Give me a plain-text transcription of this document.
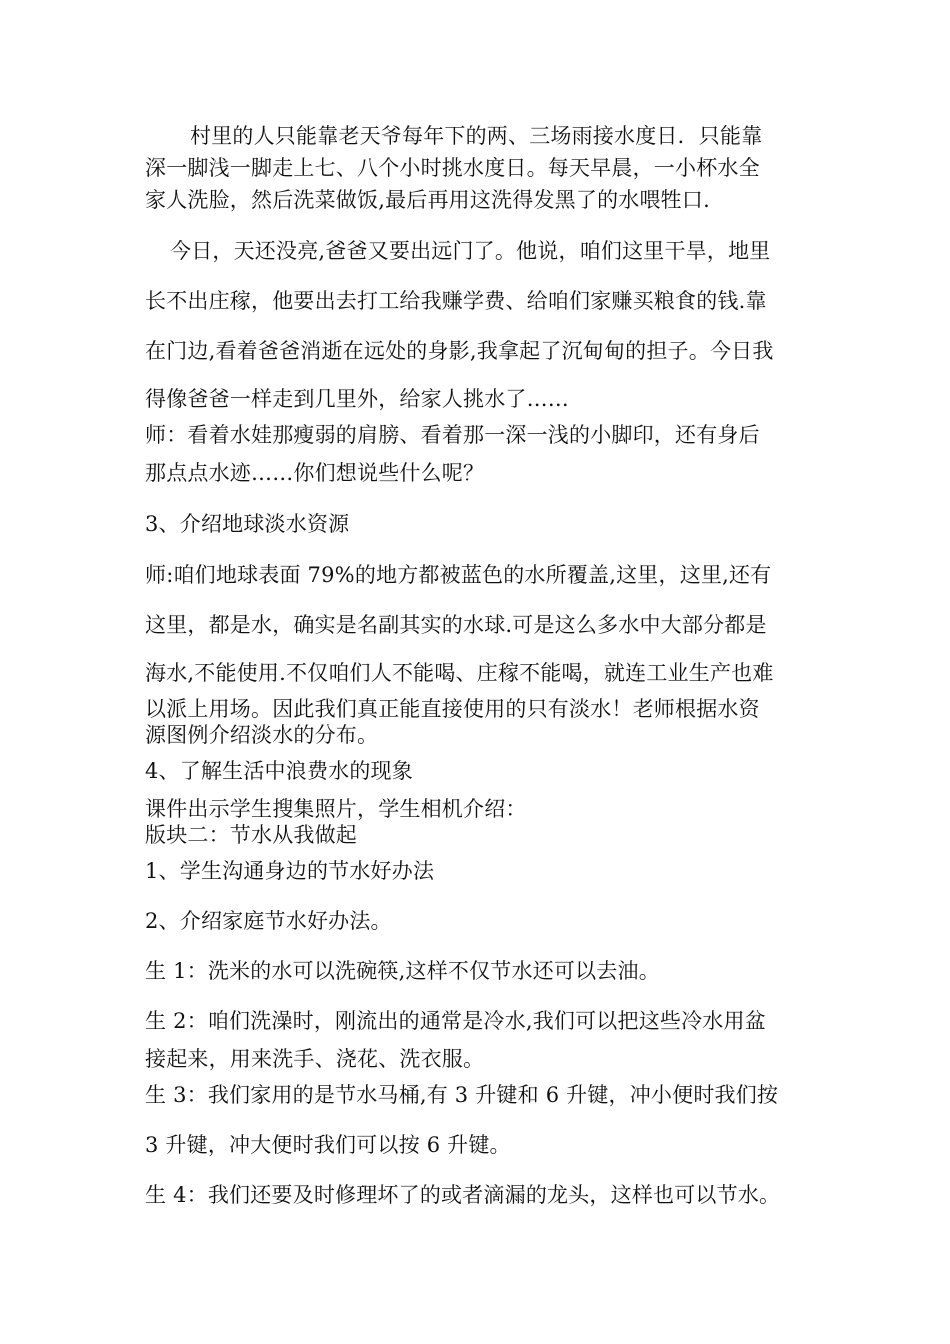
村里的人只能靠老天爷每年下的两、三场雨接水度日．只能靠
深一脚浅一脚走上七、八个小时挑水度日。每天早晨，一小杯水全
家人洗脸，然后洗菜做饭,最后再用这洗得发黑了的水喂牲口.
今日，天还没亮,爸爸又要出远门了。他说，咱们这里干旱，地里
长不出庄稼，他要出去打工给我赚学费、给咱们家赚买粮食的钱.靠
在门边,看着爸爸消逝在远处的身影,我拿起了沉甸甸的担子。今日我
得像爸爸一样走到几里外，给家人挑水了……
师：看着水娃那瘦弱的肩膀、看着那一深一浅的小脚印，还有身后
那点点水迹……你们想说些什么呢？
3、介绍地球淡水资源
师:咱们地球表面 79%的地方都被蓝色的水所覆盖,这里，这里,还有
这里，都是水，确实是名副其实的水球.可是这么多水中大部分都是
海水,不能使用.不仅咱们人不能喝、庄稼不能喝，就连工业生产也难
以派上用场。因此我们真正能直接使用的只有淡水！老师根据水资
源图例介绍淡水的分布。
4、了解生活中浪费水的现象
课件出示学生搜集照片，学生相机介绍：
版块二：节水从我做起
1、学生沟通身边的节水好办法
2、介绍家庭节水好办法。
生 1：洗米的水可以洗碗筷,这样不仅节水还可以去油。
生 2：咱们洗澡时，刚流出的通常是冷水,我们可以把这些冷水用盆
接起来，用来洗手、浇花、洗衣服。
生 3：我们家用的是节水马桶,有 3 升键和 6 升键，冲小便时我们按
3 升键，冲大便时我们可以按 6 升键。
生 4：我们还要及时修理坏了的或者滴漏的龙头，这样也可以节水。
